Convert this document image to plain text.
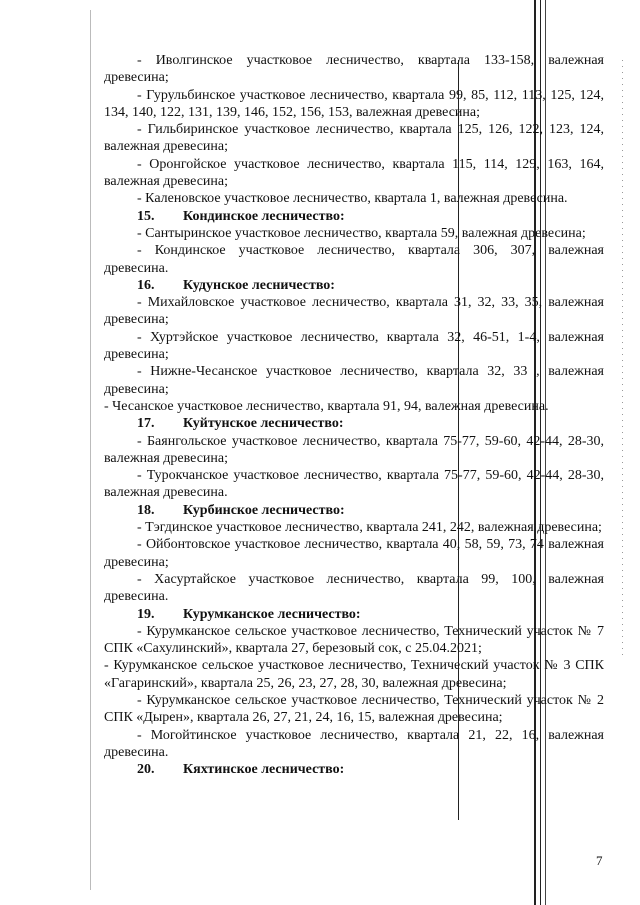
- Иволгинское участковое лесничество, квартала 133-158, валежная древесина;
- Гурульбинское участковое лесничество, квартала 99, 85, 112, 113, 125, 124, 134, 140, 122, 131, 139, 146, 152, 156, 153, валежная древесина;
- Гильбиринское участковое лесничество, квартала 125, 126, 122, 123, 124, валежная древесина;
- Оронгойское участковое лесничество, квартала 115, 114, 129, 163, 164, валежная древесина;
- Каленовское участковое лесничество, квартала 1, валежная древесина.
15. Кондинское лесничество:
- Сантыринское участковое лесничество, квартала 59, валежная древесина;
- Кондинское участковое лесничество, квартала 306, 307, валежная древесина.
16. Кудунское лесничество:
- Михайловское участковое лесничество, квартала 31, 32, 33, 35, валежная древесина;
- Хуртэйское участковое лесничество, квартала 32, 46-51, 1-4, валежная древесина;
- Нижне-Чесанское участковое лесничество, квартала 32, 33 , валежная древесина;
- Чесанское участковое лесничество, квартала 91, 94, валежная древесина.
17. Куйтунское лесничество:
- Баянгольское участковое лесничество, квартала 75-77, 59-60, 42-44, 28-30, валежная древесина;
- Турокчанское участковое лесничество, квартала 75-77, 59-60, 42-44, 28-30, валежная древесина.
18. Курбинское лесничество:
- Тэгдинское участковое лесничество, квартала 241, 242, валежная древесина;
- Ойбонтовское участковое лесничество, квартала 40, 58, 59, 73, 74 валежная древесина;
- Хасуртайское участковое лесничество, квартала 99, 100, валежная древесина.
19. Курумканское лесничество:
- Курумканское сельское участковое лесничество, Технический участок № 7 СПК «Сахулинский», квартала 27, березовый сок, с 25.04.2021;
- Курумканское сельское участковое лесничество, Технический участок № 3 СПК «Гагаринский», квартала 25, 26, 23, 27, 28, 30, валежная древесина;
- Курумканское сельское участковое лесничество, Технический участок № 2 СПК «Дырен», квартала 26, 27, 21, 24, 16, 15, валежная древесина;
- Могойтинское участковое лесничество, квартала 21, 22, 16, валежная древесина.
20. Кяхтинское лесничество:
7
